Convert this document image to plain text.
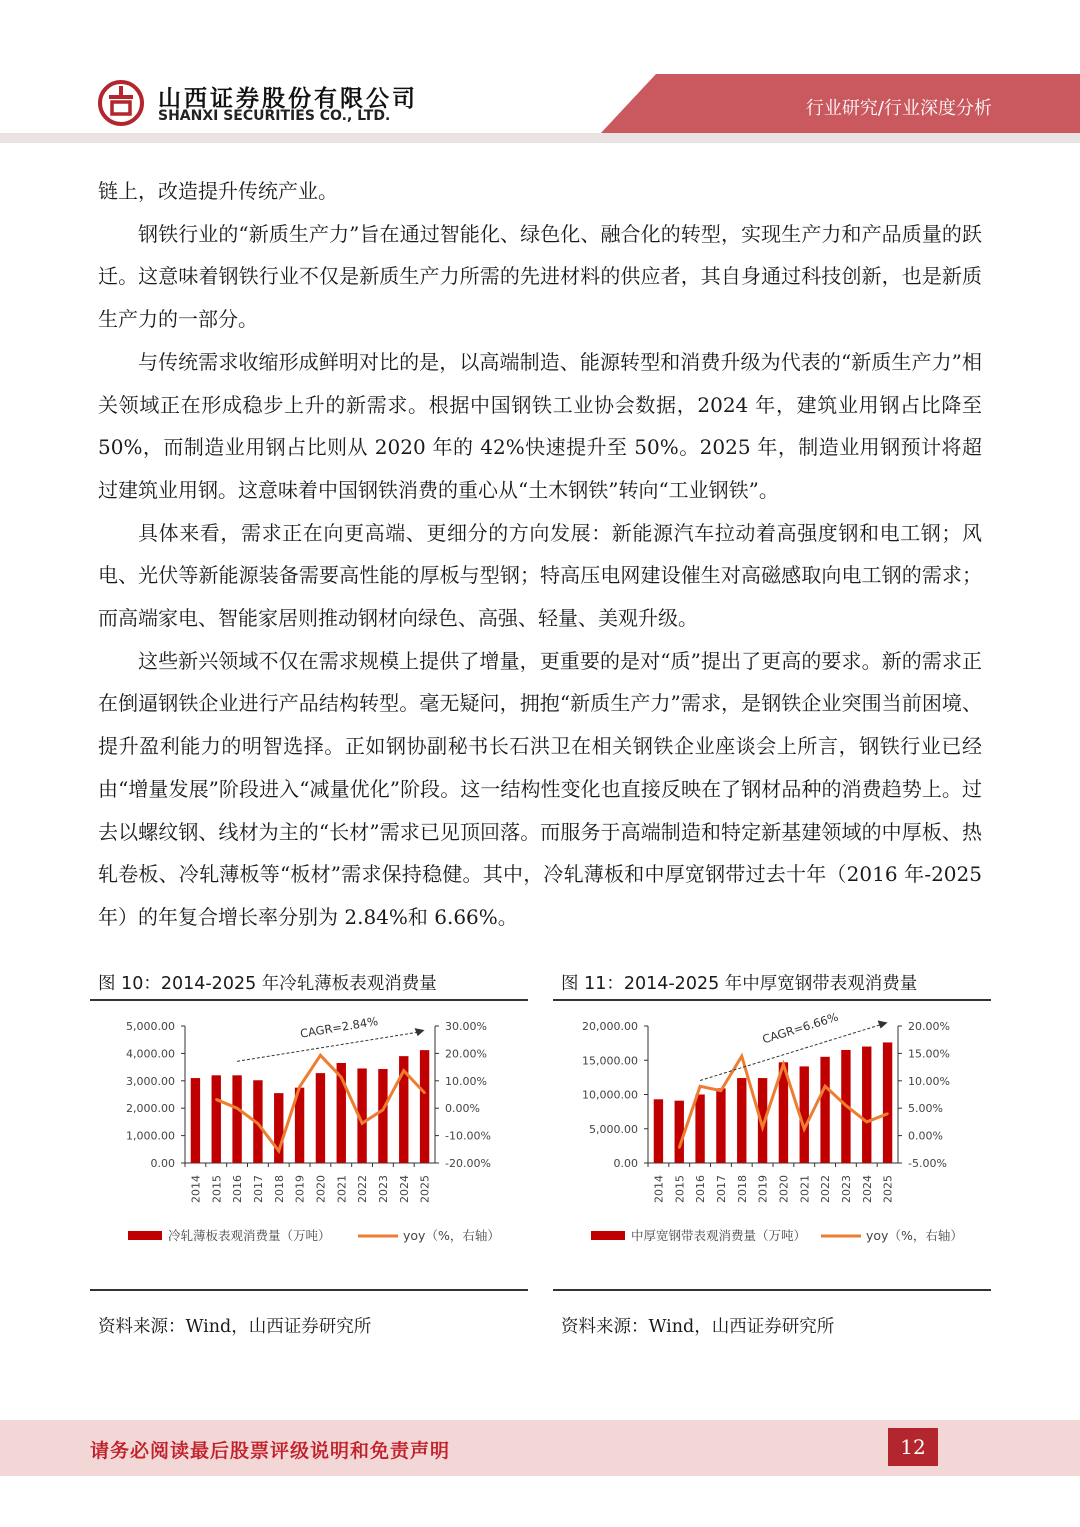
山西证券股份有限公司
SHANXI SECURITIES CO., LTD.	行业研究/行业深度分析

链上，改造提升传统产业。

钢铁行业的“新质生产力”旨在通过智能化、绿色化、融合化的转型，实现生产力和产品质量的跃迁。这意味着钢铁行业不仅是新质生产力所需的先进材料的供应者，其自身通过科技创新，也是新质生产力的一部分。

与传统需求收缩形成鲜明对比的是，以高端制造、能源转型和消费升级为代表的“新质生产力”相关领域正在形成稳步上升的新需求。根据中国钢铁工业协会数据，2024 年，建筑业用钢占比降至 50%，而制造业用钢占比则从 2020 年的 42%快速提升至 50%。2025 年，制造业用钢预计将超过建筑业用钢。这意味着中国钢铁消费的重心从“土木钢铁”转向“工业钢铁”。

具体来看，需求正在向更高端、更细分的方向发展：新能源汽车拉动着高强度钢和电工钢；风电、光伏等新能源装备需要高性能的厚板与型钢；特高压电网建设催生对高磁感取向电工钢的需求；而高端家电、智能家居则推动钢材向绿色、高强、轻量、美观升级。

这些新兴领域不仅在需求规模上提供了增量，更重要的是对“质”提出了更高的要求。新的需求正在倒逼钢铁企业进行产品结构转型。毫无疑问，拥抱“新质生产力”需求，是钢铁企业突围当前困境、提升盈利能力的明智选择。正如钢协副秘书长石洪卫在相关钢铁企业座谈会上所言，钢铁行业已经由“增量发展”阶段进入“减量优化”阶段。这一结构性变化也直接反映在了钢材品种的消费趋势上。过去以螺纹钢、线材为主的“长材”需求已见顶回落。而服务于高端制造和特定新基建领域的中厚板、热轧卷板、冷轧薄板等“板材”需求保持稳健。其中，冷轧薄板和中厚宽钢带过去十年（2016 年-2025 年）的年复合增长率分别为 2.84%和 6.66%。

图 10：2014-2025 年冷轧薄板表观消费量
0.00
1,000.00
2,000.00
3,000.00
4,000.00
5,000.00
-20.00%
-10.00%
0.00%
10.00%
20.00%
30.00%
2014 2015 2016 2017 2018 2019 2020 2021 2022 2023 2024 2025
CAGR=2.84%
冷轧薄板表观消费量（万吨）	yoy（%，右轴）
资料来源：Wind，山西证券研究所
图 11：2014-2025 年中厚宽钢带表观消费量
0.00
5,000.00
10,000.00
15,000.00
20,000.00
-5.00%
0.00%
5.00%
10.00%
15.00%
20.00%
2014 2015 2016 2017 2018 2019 2020 2021 2022 2023 2024 2025
CAGR=6.66%
中厚宽钢带表观消费量（万吨）	yoy（%，右轴）
资料来源：Wind，山西证券研究所
请务必阅读最后股票评级说明和免责声明	12
